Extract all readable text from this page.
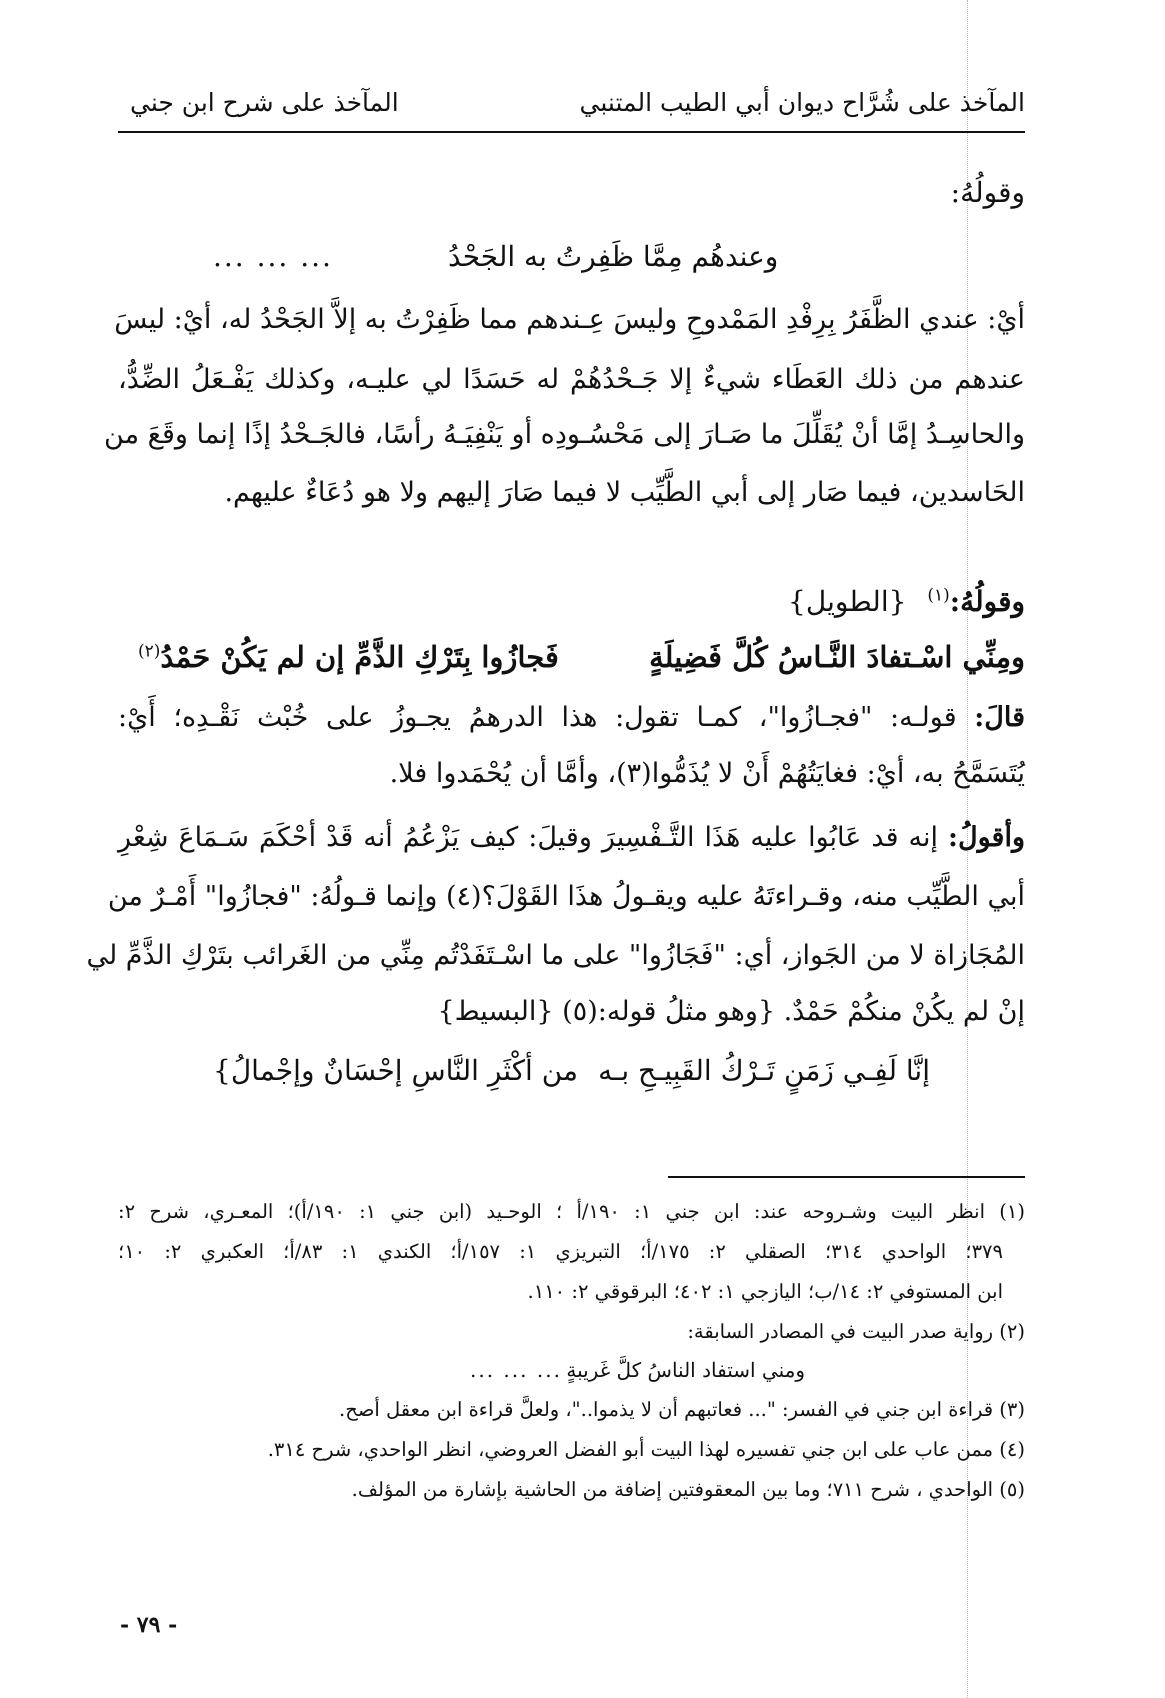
المآخذ على شُرَّاح ديوان أبي الطيب المتنبي
المآخذ على شرح ابن جني
وقولُهُ:
وعندهُم مِمَّا ظَفِرتُ به الجَحْدُ
... ... ...
أيْ: عندي الظَّفَرُ بِرِفْدِ المَمْدوحِ وليسَ عِـندهم مما ظَفِرْتُ به إلاَّ الجَحْدُ له، أيْ: ليسَ
عندهم من ذلك العَطَاء شيءٌ إلا جَـحْدُهُمْ له حَسَدًا لي عليـه، وكذلك يَفْـعَلُ الضِّدُّ،
والحاسِـدُ إمَّا أنْ يُقَلِّلَ ما صَـارَ إلى مَحْسُـودِه أو يَنْفِيَـهُ رأسًا، فالجَـحْدُ إذًا إنما وقَعَ من
الحَاسدين، فيما صَار إلى أبي الطَّيِّب لا فيما صَارَ إليهم ولا هو دُعَاءٌ عليهم.
وقولُهُ:$^{(١)}$ {الطويل}
ومِنِّي اسْـتفادَ النَّـاسُ كُلَّ فَضِيلَةٍ
فَجازُوا بِتَرْكِ الذَّمِّ إن لم يَكُنْ حَمْدُ$^{(٢)}$
قالَ: قولـه: "فجـازُوا"، كمـا تقول: هذا الدرهمُ يجـوزُ على خُبْث نَقْـدِه؛ أَيْ:
يُتَسَمَّحُ به، أيْ: فغايَتُهُمْ أَنْ لا يُذَمُّوا(٣)، وأمَّا أن يُحْمَدوا فلا.
وأقولُ: إنه قد عَابُوا عليه هَذَا التَّـفْسِيرَ وقيلَ: كيف يَزْعُمُ أنه قَدْ أحْكَمَ سَـمَاعَ شِعْرِ
أبي الطَّيِّب منه، وقـراءتَهُ عليه ويقـولُ هذَا القَوْلَ؟(٤) وإنما قـولُهُ: "فجازُوا" أَمْـرٌ من
المُجَازاة لا من الجَواز، أي: "فَجَازُوا" على ما اسْـتَفَدْتُم مِنِّي من الغَرائب بتَرْكِ الذَّمِّ لي
إنْ لم يكُنْ منكُمْ حَمْدٌ. {وهو مثلُ قوله:(٥) {البسيط}
إنَّا لَفِـي زَمَنٍ تَـرْكُ القَبِيـحِ بـه
من أكْثَرِ النَّاسِ إحْسَانٌ وإجْمالُ}
(١) انظر البيت وشـروحه عند: ابن جني ١: ١٩٠/أ ؛ الوحـيد (ابن جني ١: ١٩٠/أ)؛ المعـري، شرح ٢:
٣٧٩؛ الواحدي ٣١٤؛ الصقلي ٢: ١٧٥/أ؛ التبريزي ١: ١٥٧/أ؛ الكندي ١: ٨٣/أ؛ العكبري ٢: ١٠؛
ابن المستوفي ٢: ١٤/ب؛ اليازجي ١: ٤٠٢؛ البرقوقي ٢: ١١٠.
(٢) رواية صدر البيت في المصادر السابقة:
ومني استفاد الناسُ كلَّ غَريبةٍ
... ... ...
(٣) قراءة ابن جني في الفسر: "... فعاتبهم أن لا يذموا.."، ولعلَّ قراءة ابن معقل أصح.
(٤) ممن عاب على ابن جني تفسيره لهذا البيت أبو الفضل العروضي، انظر الواحدي، شرح ٣١٤.
(٥) الواحدي ، شرح ٧١١؛ وما بين المعقوفتين إضافة من الحاشية بإشارة من المؤلف.
- ٧٩ -
